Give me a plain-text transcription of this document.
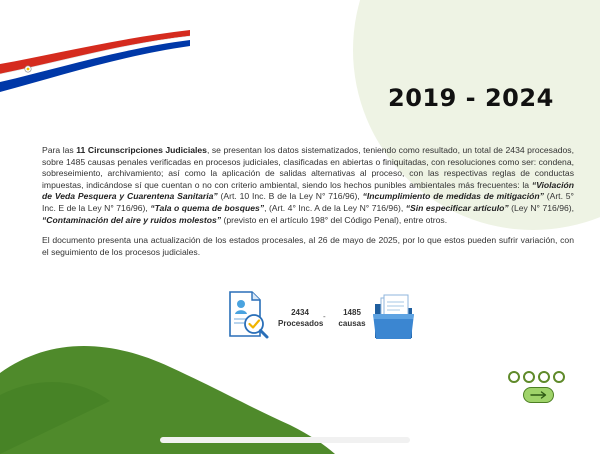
2019 - 2024

Para las 11 Circunscripciones Judiciales, se presentan los datos sistematizados, teniendo como resultado, un total de 2434 procesados, sobre 1485 causas penales verificadas en procesos judiciales, clasificadas en abiertas o finiquitadas, con resoluciones como ser: condena, sobreseimiento, archivamiento; así como la aplicación de salidas alternativas al proceso, con las respectivas reglas de conductas impuestas, indicándose sí que cuentan o no con criterio ambiental, siendo los hechos punibles ambientales más frecuentes: la “Violación de Veda Pesquera y Cuarentena Sanitaria” (Art. 10 Inc. B de la Ley N° 716/96), “Incumplimiento de medidas de mitigación” (Art. 5° Inc. E de la Ley N° 716/96), “Tala o quema de bosques”, (Art. 4° Inc. A de la Ley N° 716/96), “Sin especificar artículo” (Ley N° 716/96), “Contaminación del aire y ruidos molestos” (previsto en el artículo 198° del Código Penal), entre otros.

El documento presenta una actualización de los estados procesales, al 26 de mayo de 2025, por lo que estos pueden sufrir variación, con el seguimiento de los procesos judiciales.

2434
Procesados
-	1485
causas
